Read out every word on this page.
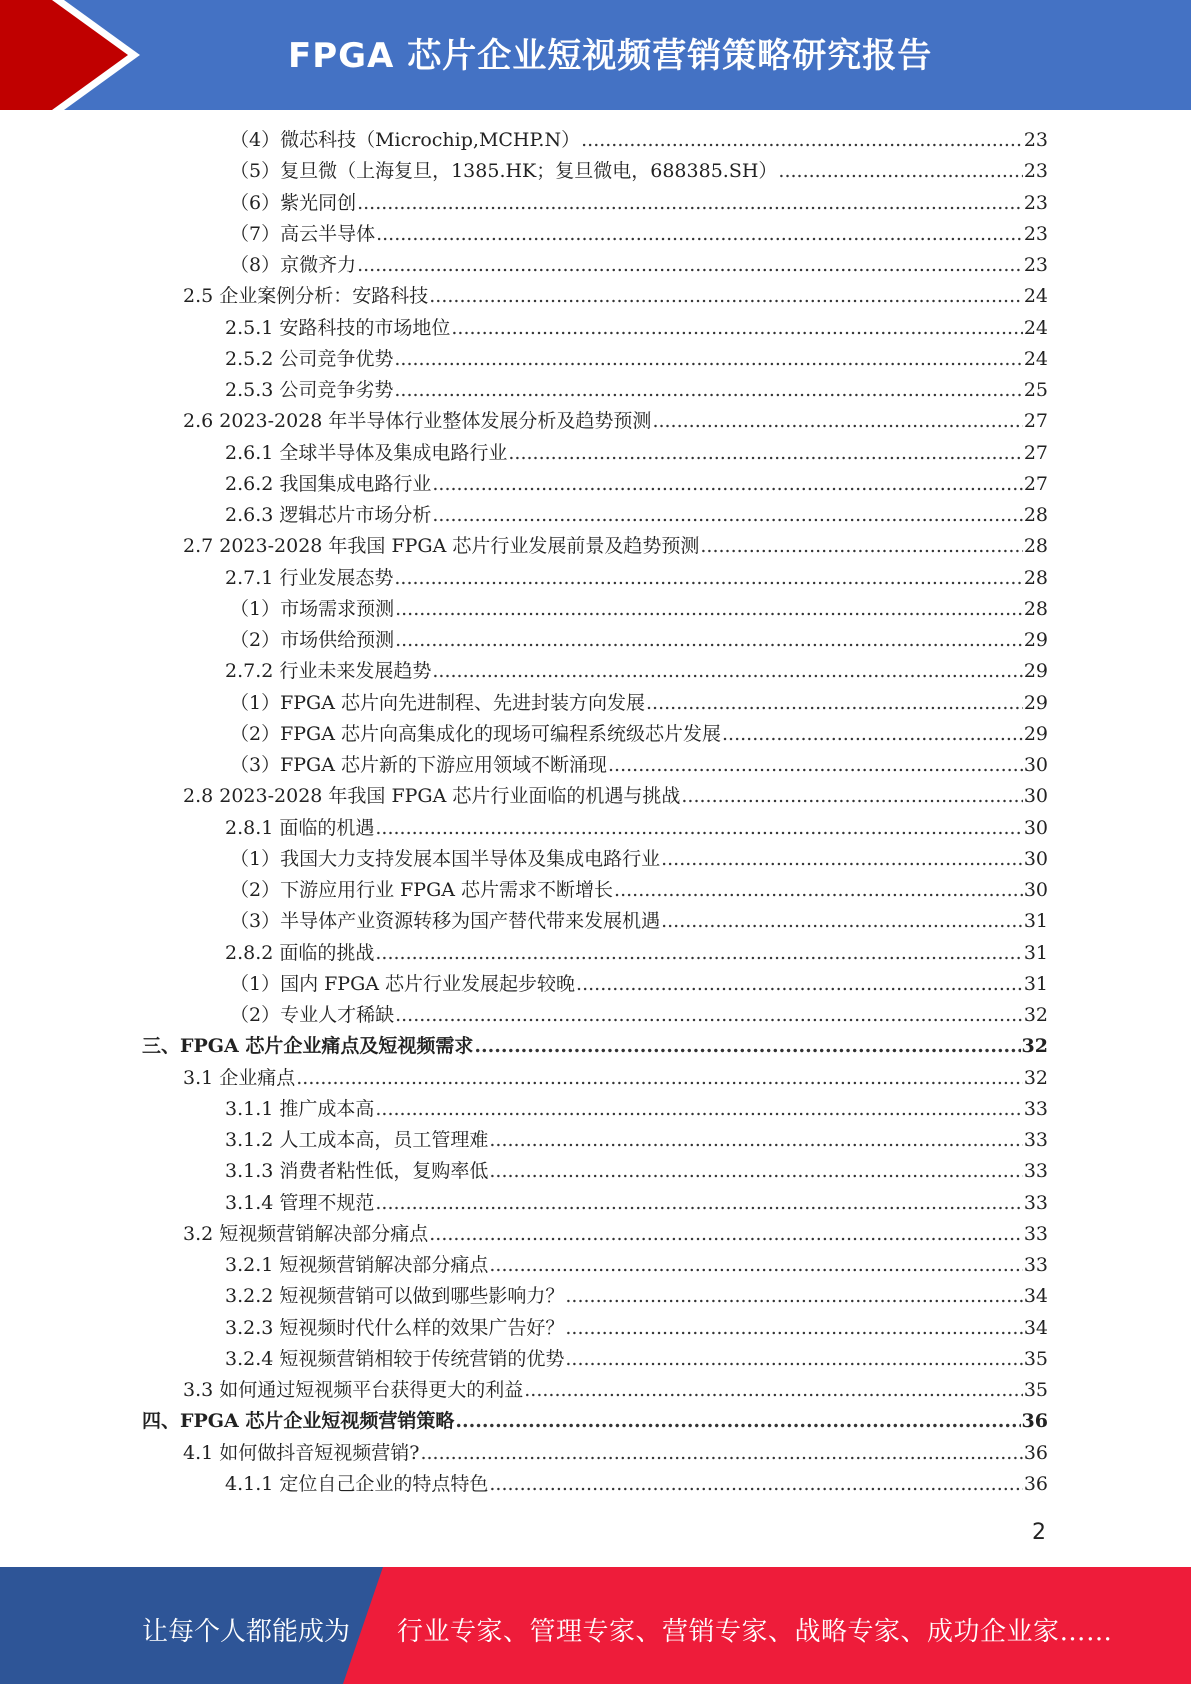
FPGA 芯片企业短视频营销策略研究报告
（4）微芯科技（Microchip,MCHP.N） .....	23
（5）复旦微（上海复旦，1385.HK；复旦微电，688385.SH） .....	23
（6）紫光同创 .....	23
（7）高云半导体 .....	23
（8）京微齐力 .....	23
2.5 企业案例分析：安路科技 .....	24
2.5.1 安路科技的市场地位 .....	24
2.5.2 公司竞争优势 .....	24
2.5.3 公司竞争劣势 .....	25
2.6 2023-2028 年半导体行业整体发展分析及趋势预测 .....	27
2.6.1 全球半导体及集成电路行业 .....	27
2.6.2 我国集成电路行业 .....	27
2.6.3 逻辑芯片市场分析 .....	28
2.7 2023-2028 年我国 FPGA 芯片行业发展前景及趋势预测 .....	28
2.7.1 行业发展态势 .....	28
（1）市场需求预测 .....	28
（2）市场供给预测 .....	29
2.7.2 行业未来发展趋势 .....	29
（1）FPGA 芯片向先进制程、先进封装方向发展 .....	29
（2）FPGA 芯片向高集成化的现场可编程系统级芯片发展 .....	29
（3）FPGA 芯片新的下游应用领域不断涌现 .....	30
2.8 2023-2028 年我国 FPGA 芯片行业面临的机遇与挑战 .....	30
2.8.1 面临的机遇 .....	30
（1）我国大力支持发展本国半导体及集成电路行业 .....	30
（2）下游应用行业 FPGA 芯片需求不断增长 .....	30
（3）半导体产业资源转移为国产替代带来发展机遇 .....	31
2.8.2 面临的挑战 .....	31
（1）国内 FPGA 芯片行业发展起步较晚 .....	31
（2）专业人才稀缺 .....	32
三、FPGA 芯片企业痛点及短视频需求 .....	32
3.1 企业痛点 .....	32
3.1.1 推广成本高 .....	33
3.1.2 人工成本高，员工管理难 .....	33
3.1.3 消费者粘性低，复购率低 .....	33
3.1.4 管理不规范 .....	33
3.2 短视频营销解决部分痛点 .....	33
3.2.1 短视频营销解决部分痛点 .....	33
3.2.2 短视频营销可以做到哪些影响力？ .....	34
3.2.3 短视频时代什么样的效果广告好？ .....	34
3.2.4 短视频营销相较于传统营销的优势 .....	35
3.3 如何通过短视频平台获得更大的利益 .....	35
四、FPGA 芯片企业短视频营销策略 .....	36
4.1 如何做抖音短视频营销? .....	36
4.1.1 定位自己企业的特点特色 .....	36
2
让每个人都能成为 行业专家、管理专家、营销专家、战略专家、成功企业家……
